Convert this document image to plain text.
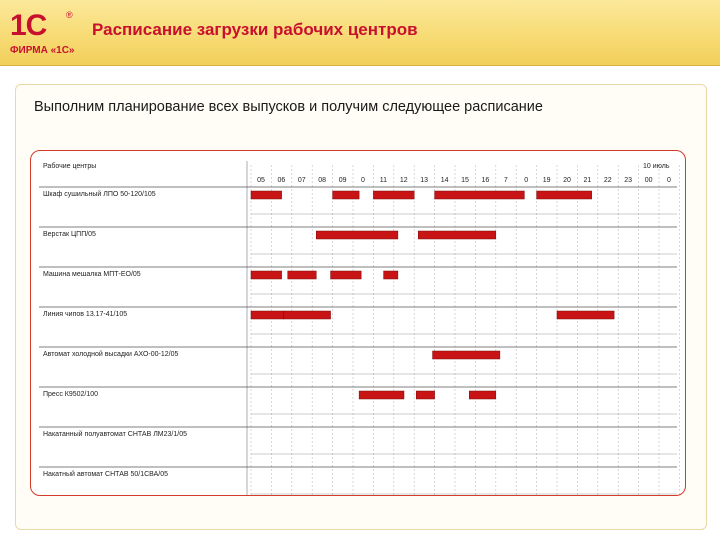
1С ®
ФИРМА «1С»
Расписание загрузки рабочих центров
Выполним планирование всех выпусков и получим следующее расписание
Рабочие центры	10 июль
05	06	07	08	09	0	11	12	13	14	15	16	7	0	19	20	21	22	23	00	0
Шкаф сушильный ЛПО 50-120/105
Верстак ЦПП/05
Машина мешалка МПТ-ЕО/05
Линия чипов 13.17-41/105
Автомат холодной высадки АХО-00-12/05
Пресс К9502/100
Накатанный полуавтомат СНТАВ ЛМ23/1/05
Накатный автомат СНТАВ 50/1СВА/05
